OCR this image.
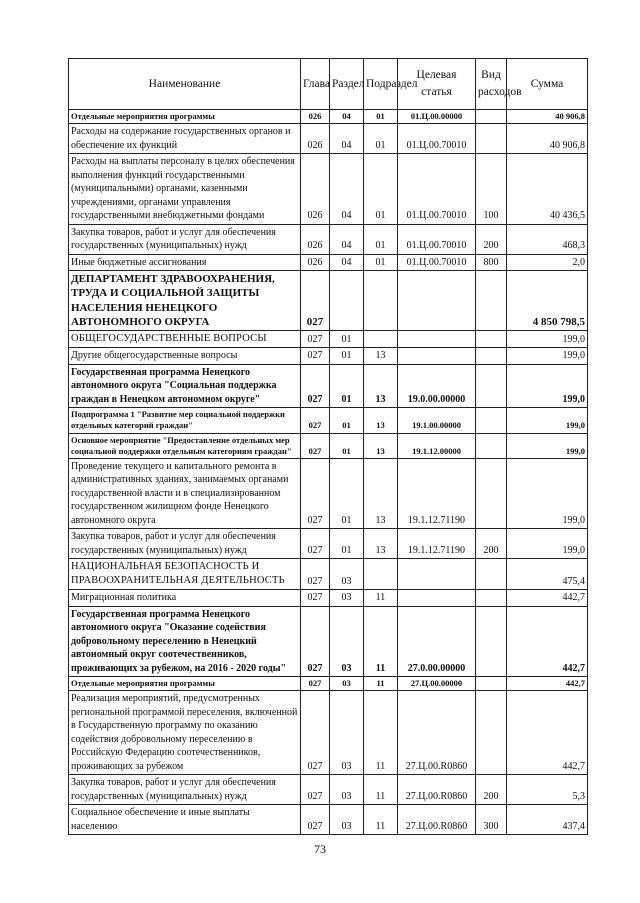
Наименование	Глава	Раздел	Подраздел	Целевая статья	Вид расходов	Сумма
Отдельные мероприятия программы	026	04	01	01.Ц.00.00000		40 906,8
Расходы на содержание государственных органов и обеспечение их функций	026	04	01	01.Ц.00.70010		40 906,8
Расходы на выплаты персоналу в целях обеспечения выполнения функций государственными (муниципальными) органами, казенными учреждениями, органами управления государственными внебюджетными фондами	026	04	01	01.Ц.00.70010	100	40 436,5
Закупка товаров, работ и услуг для обеспечения государственных (муниципальных) нужд	026	04	01	01.Ц.00.70010	200	468,3
Иные бюджетные ассигнования	026	04	01	01.Ц.00.70010	800	2,0
ДЕПАРТАМЕНТ ЗДРАВООХРАНЕНИЯ, ТРУДА И СОЦИАЛЬНОЙ ЗАЩИТЫ НАСЕЛЕНИЯ НЕНЕЦКОГО АВТОНОМНОГО ОКРУГА	027					4 850 798,5
ОБЩЕГОСУДАРСТВЕННЫЕ ВОПРОСЫ	027	01				199,0
Другие общегосударственные вопросы	027	01	13			199,0
Государственная программа Ненецкого автономного округа "Социальная поддержка граждан в Ненецком автономном округе"	027	01	13	19.0.00.00000		199,0
Подпрограмма 1 "Развитие мер социальной поддержки отдельных категорий граждан"	027	01	13	19.1.00.00000		199,0
Основное мероприятие "Предоставление отдельных мер социальной поддержки отдельным категориям граждан"	027	01	13	19.1.12.00000		199,0
Проведение текущего и капитального ремонта в административных зданиях, занимаемых органами государственной власти и в специализированном государственном жилищном фонде Ненецкого автономного округа	027	01	13	19.1.12.71190		199,0
Закупка товаров, работ и услуг для обеспечения государственных (муниципальных) нужд	027	01	13	19.1.12.71190	200	199,0
НАЦИОНАЛЬНАЯ БЕЗОПАСНОСТЬ И ПРАВООХРАНИТЕЛЬНАЯ ДЕЯТЕЛЬНОСТЬ	027	03				475,4
Миграционная политика	027	03	11			442,7
Государственная программа Ненецкого автономного округа "Оказание содействия добровольному переселению в Ненецкий автономный округ соотечественников, проживающих за рубежом, на 2016 - 2020 годы"	027	03	11	27.0.00.00000		442,7
Отдельные мероприятия программы	027	03	11	27.Ц.00.00000		442,7
Реализация мероприятий, предусмотренных региональной программой переселения, включенной в Государственную программу по оказанию содействия добровольному переселению в Российскую Федерацию соотечественников, проживающих за рубежом	027	03	11	27.Ц.00.R0860		442,7
Закупка товаров, работ и услуг для обеспечения государственных (муниципальных) нужд	027	03	11	27.Ц.00.R0860	200	5,3
Социальное обеспечение и иные выплаты населению	027	03	11	27.Ц.00.R0860	300	437,4
73
